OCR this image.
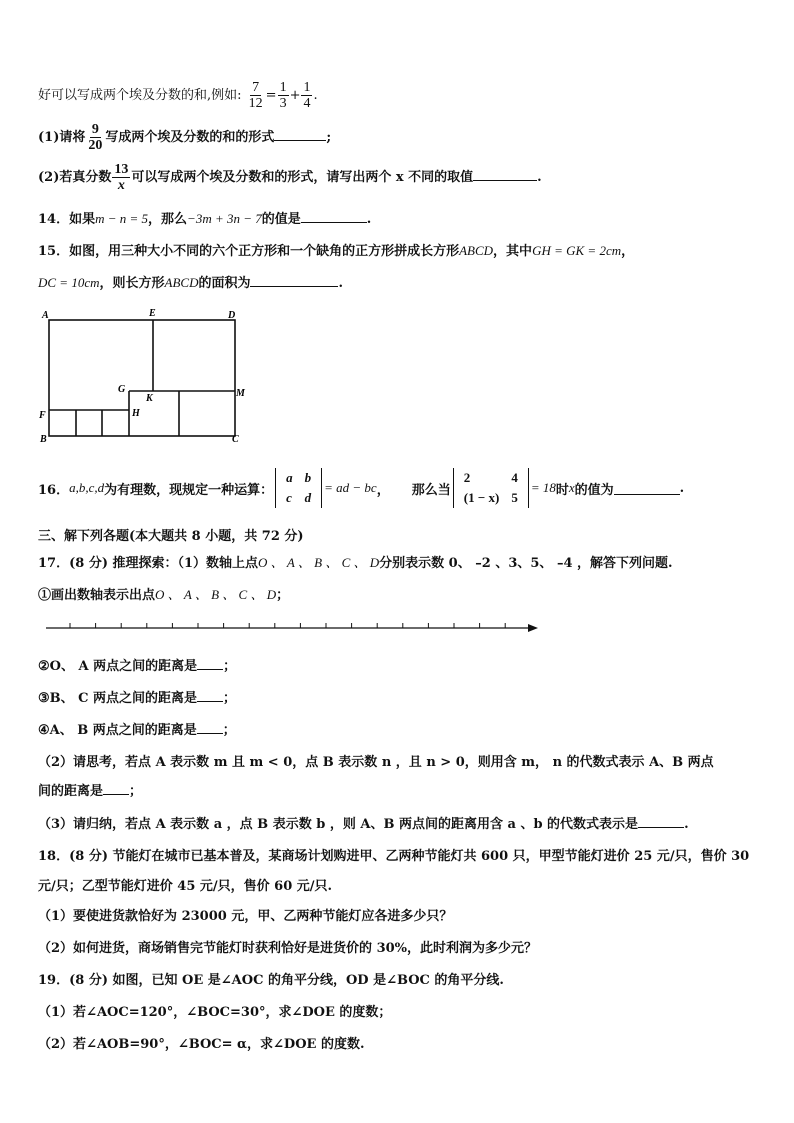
好可以写成两个埃及分数的和,例如: $\frac{7}{12} = \frac{1}{3} + \frac{1}{4}$ .
(1)请将 $\frac{9}{20}$ 写成两个埃及分数的和的形式	;
(2)若真分数 $\frac{13}{x}$ 可以写成两个埃及分数和的形式，请写出两个 x 不同的取值	.
14．如果m − n = 5，那么−3m + 3n − 7的值是	.
15．如图，用三种大小不同的六个正方形和一个缺角的正方形拼成长方形ABCD，其中GH = GK = 2cm，
DC = 10cm，则长方形ABCD的面积为	.
A	E	D
G
K	M
F	H
B	C
16． a,b,c,d 为有理数，现规定一种运算：
a	b
c	d
= ad − bc ， 那么当
2	4
(1 − x)	5
= 18 时 x 的值为	.
三、解下列各题(本大题共 8 小题，共 72 分)
17．(8 分) 推理探索：（1）数轴上点O 、 A 、 B 、 C 、 D分别表示数 0、 –2 、3、5、 –4 ，解答下列问题.
①画出数轴表示出点O 、 A 、 B 、 C 、 D；
②O、 A 两点之间的距离是 ；
③B、 C 两点之间的距离是 ；
④A、 B 两点之间的距离是 ；
（2）请思考，若点 A 表示数 m 且 m < 0，点 B 表示数 n ，且 n > 0，则用含 m， n 的代数式表示 A、B 两点
间的距离是 ；
（3）请归纳，若点 A 表示数 a ，点 B 表示数 b ，则 A、B 两点间的距离用含 a 、b 的代数式表示是	.
18．(8 分) 节能灯在城市已基本普及，某商场计划购进甲、乙两种节能灯共 600 只，甲型节能灯进价 25 元/只，售价 30
元/只；乙型节能灯进价 45 元/只，售价 60 元/只.
（1）要使进货款恰好为 23000 元，甲、乙两种节能灯应各进多少只？
（2）如何进货，商场销售完节能灯时获利恰好是进货价的 30%，此时利润为多少元？
19．(8 分) 如图，已知 OE 是∠AOC 的角平分线，OD 是∠BOC 的角平分线.
（1）若∠AOC=120°，∠BOC=30°，求∠DOE 的度数；
（2）若∠AOB=90°，∠BOC= α，求∠DOE 的度数.
